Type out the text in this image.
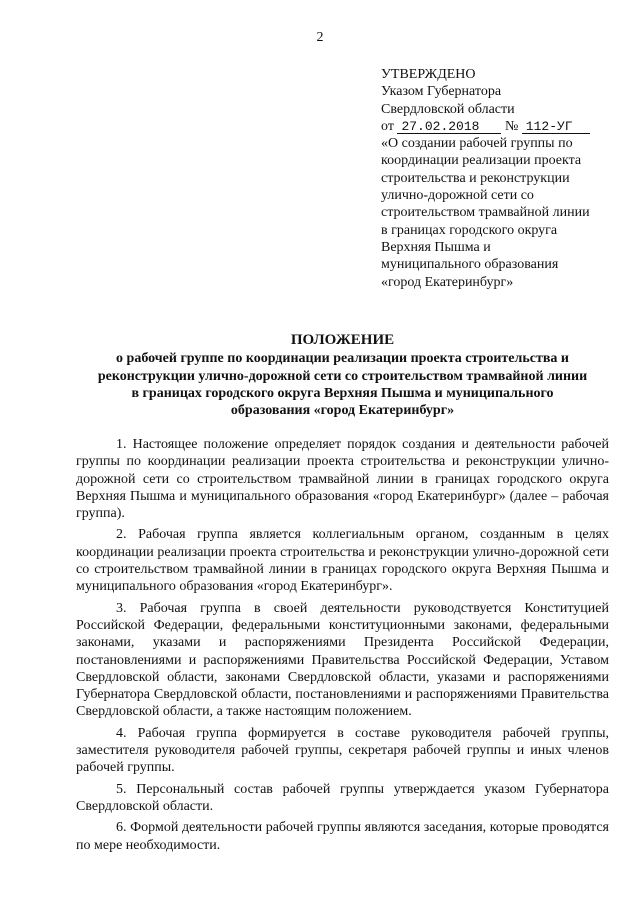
2
УТВЕРЖДЕНО
Указом Губернатора
Свердловской области
от 27.02.2018 № 112-УГ
«О создании рабочей группы по
координации реализации проекта
строительства и реконструкции
улично-дорожной сети со
строительством трамвайной линии
в границах городского округа
Верхняя Пышма и
муниципального образования
«город Екатеринбург»
ПОЛОЖЕНИЕ
о рабочей группе по координации реализации проекта строительства и
реконструкции улично-дорожной сети со строительством трамвайной линии
в границах городского округа Верхняя Пышма и муниципального
образования «город Екатеринбург»

1. Настоящее положение определяет порядок создания и деятельности рабочей группы по координации реализации проекта строительства и реконструкции улично-дорожной сети со строительством трамвайной линии в границах городского округа Верхняя Пышма и муниципального образования «город Екатеринбург» (далее – рабочая группа).

2. Рабочая группа является коллегиальным органом, созданным в целях координации реализации проекта строительства и реконструкции улично-дорожной сети со строительством трамвайной линии в границах городского округа Верхняя Пышма и муниципального образования «город Екатеринбург».

3. Рабочая группа в своей деятельности руководствуется Конституцией Российской Федерации, федеральными конституционными законами, федеральными законами, указами и распоряжениями Президента Российской Федерации, постановлениями и распоряжениями Правительства Российской Федерации, Уставом Свердловской области, законами Свердловской области, указами и распоряжениями Губернатора Свердловской области, постановлениями и распоряжениями Правительства Свердловской области, а также настоящим положением.

4. Рабочая группа формируется в составе руководителя рабочей группы, заместителя руководителя рабочей группы, секретаря рабочей группы и иных членов рабочей группы.

5. Персональный состав рабочей группы утверждается указом Губернатора Свердловской области.

6. Формой деятельности рабочей группы являются заседания, которые проводятся по мере необходимости.
